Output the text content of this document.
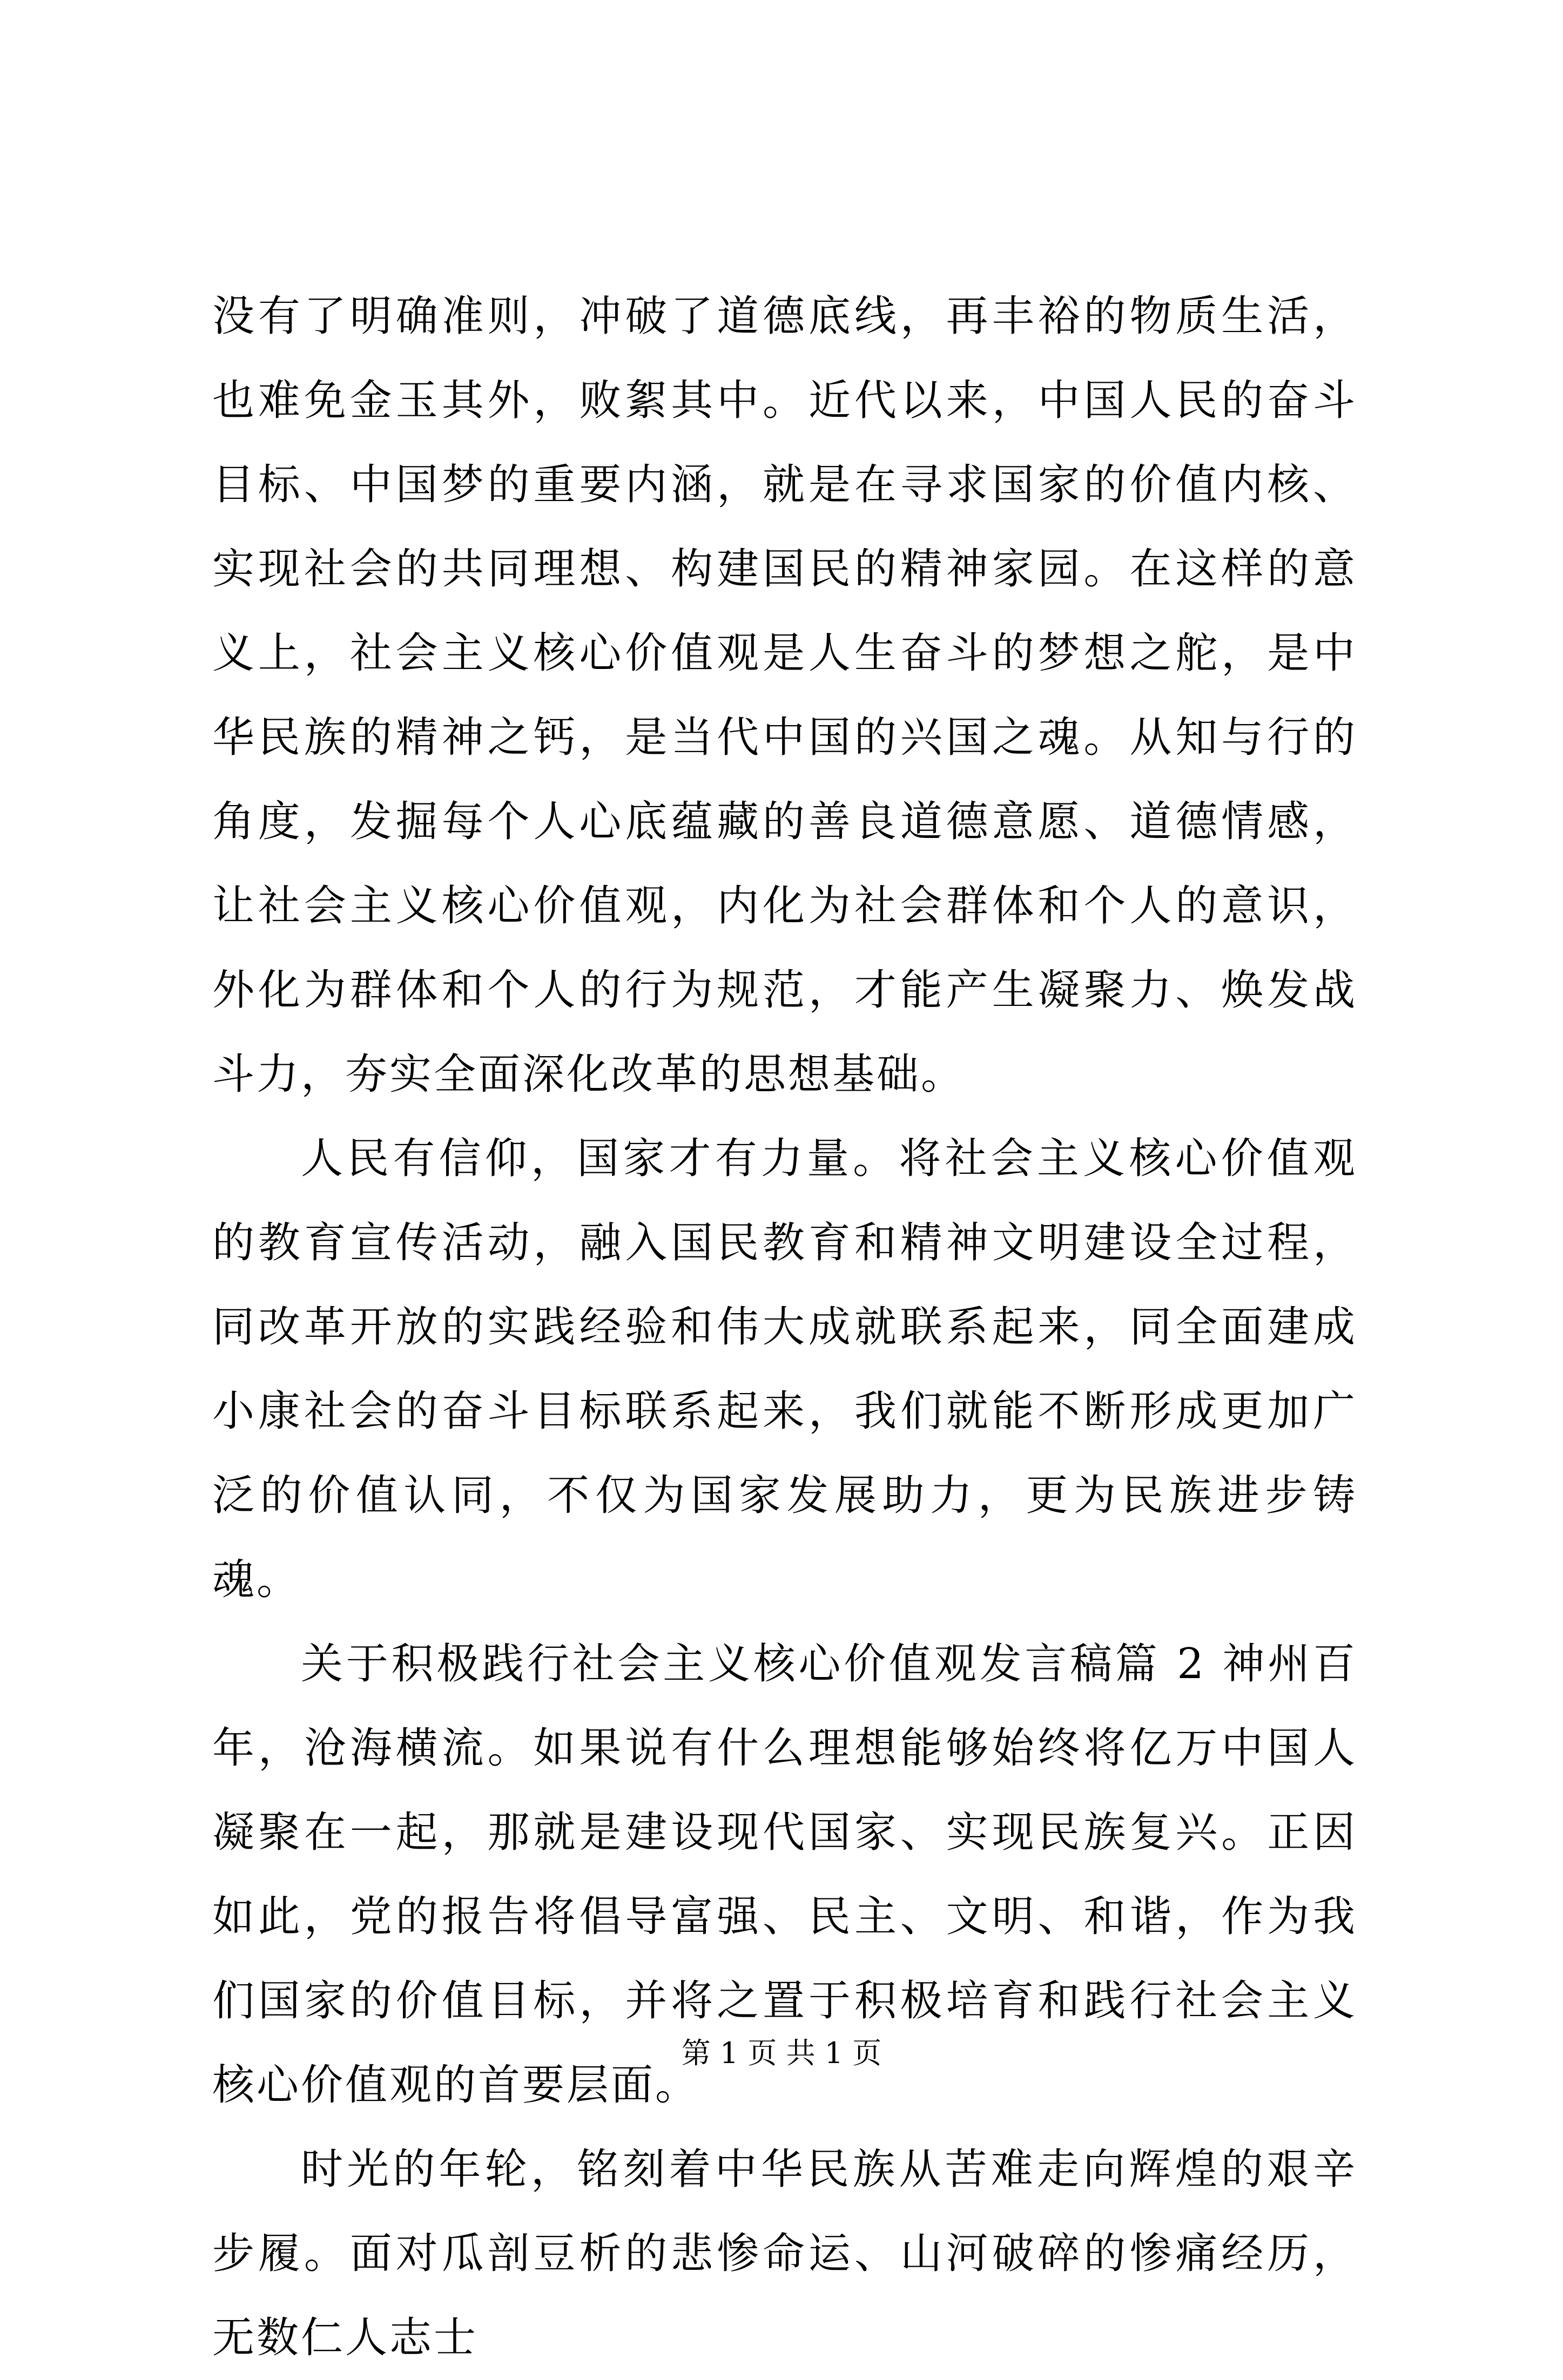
没有了明确准则，冲破了道德底线，再丰裕的物质生活，也难免金玉其外，败絮其中。近代以来，中国人民的奋斗目标、中国梦的重要内涵，就是在寻求国家的价值内核、实现社会的共同理想、构建国民的精神家园。在这样的意义上，社会主义核心价值观是人生奋斗的梦想之舵，是中华民族的精神之钙，是当代中国的兴国之魂。从知与行的角度，发掘每个人心底蕴藏的善良道德意愿、道德情感，让社会主义核心价值观，内化为社会群体和个人的意识，外化为群体和个人的行为规范，才能产生凝聚力、焕发战斗力，夯实全面深化改革的思想基础。

人民有信仰，国家才有力量。将社会主义核心价值观的教育宣传活动，融入国民教育和精神文明建设全过程，同改革开放的实践经验和伟大成就联系起来，同全面建成小康社会的奋斗目标联系起来，我们就能不断形成更加广泛的价值认同，不仅为国家发展助力，更为民族进步铸魂。

关于积极践行社会主义核心价值观发言稿篇 2 神州百年，沧海横流。如果说有什么理想能够始终将亿万中国人凝聚在一起，那就是建设现代国家、实现民族复兴。正因如此，党的报告将倡导富强、民主、文明、和谐，作为我们国家的价值目标，并将之置于积极培育和践行社会主义核心价值观的首要层面。

时光的年轮，铭刻着中华民族从苦难走向辉煌的艰辛步履。面对瓜剖豆析的悲惨命运、山河破碎的惨痛经历，无数仁人志士

第 1 页 共 1 页
